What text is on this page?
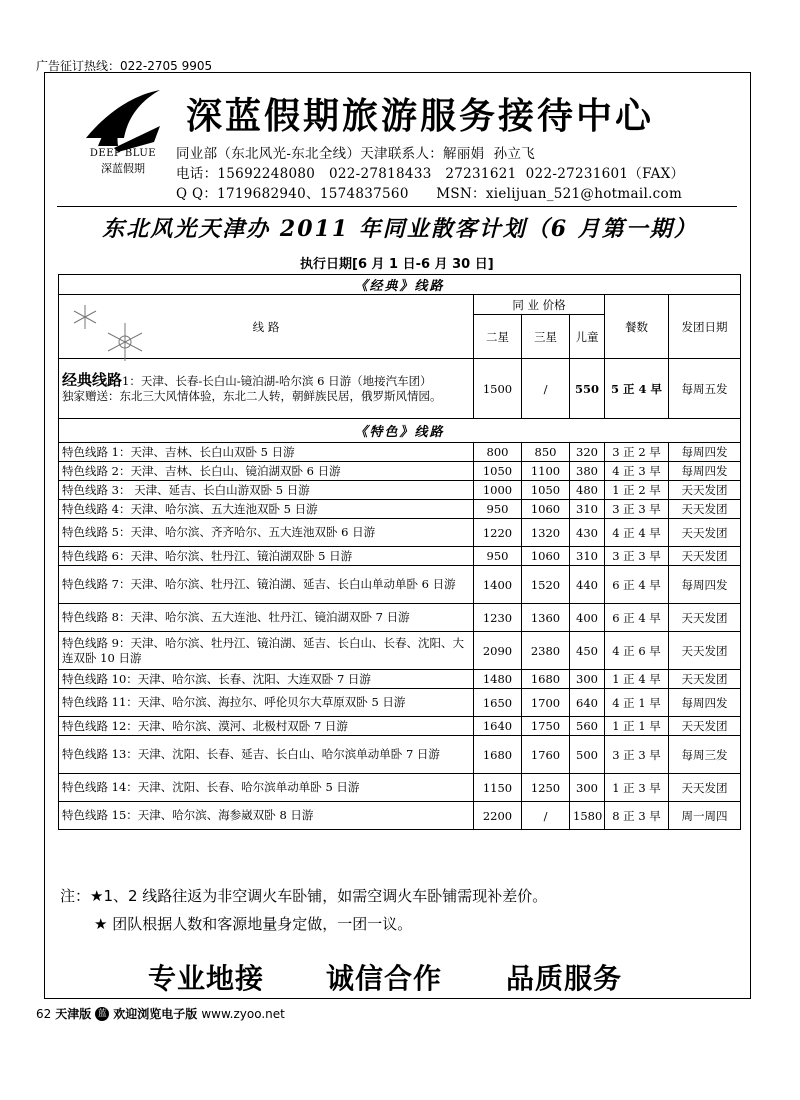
广告征订热线：022-2705 9905
DEEP BLUE
深蓝假期
深蓝假期旅游服务接待中心
同业部（东北风光-东北全线）天津联系人：解丽娟  孙立飞
电话：15692248080   022-27818433   27231621  022-27231601（FAX）
Q Q：1719682940、1574837560      MSN：xielijuan_521@hotmail.com
东北风光天津办 2011 年同业散客计划（6 月第一期）
执行日期[6 月 1 日-6 月 30 日]
《经典》线路					

线 路	同 业 价格			餐数	发团日期
	二星	三星	儿童		
经典线路1：天津、长春-长白山-镜泊湖-哈尔滨 6 日游（地接汽车团）
独家赠送：东北三大风情体验，东北二人转，朝鲜族民居，俄罗斯风情园。	1500	/	550	5 正 4 早	每周五发
《特色》线路					
特色线路 1：天津、吉林、长白山双卧 5 日游	800	850	320	3 正 2 早	每周四发
特色线路 2：天津、吉林、长白山、镜泊湖双卧 6 日游	1050	1100	380	4 正 3 早	每周四发
特色线路 3： 天津、延吉、长白山游双卧 5 日游	1000	1050	480	1 正 2 早	天天发团
特色线路 4：天津、哈尔滨、五大连池双卧 5 日游	950	1060	310	3 正 3 早	天天发团
特色线路 5：天津、哈尔滨、齐齐哈尔、五大连池双卧 6 日游	1220	1320	430	4 正 4 早	天天发团
特色线路 6：天津、哈尔滨、牡丹江、镜泊湖双卧 5 日游	950	1060	310	3 正 3 早	天天发团
特色线路 7：天津、哈尔滨、牡丹江、镜泊湖、延吉、长白山单动单卧 6 日游	1400	1520	440	6 正 4 早	每周四发
特色线路 8：天津、哈尔滨、五大连池、牡丹江、镜泊湖双卧 7 日游	1230	1360	400	6 正 4 早	天天发团
特色线路 9：天津、哈尔滨、牡丹江、镜泊湖、延吉、长白山、长春、沈阳、大连双卧 10 日游	2090	2380	450	4 正 6 早	天天发团
特色线路 10：天津、哈尔滨、长春、沈阳、大连双卧 7 日游	1480	1680	300	1 正 4 早	天天发团
特色线路 11：天津、哈尔滨、海拉尔、呼伦贝尔大草原双卧 5 日游	1650	1700	640	4 正 1 早	每周四发
特色线路 12：天津、哈尔滨、漠河、北极村双卧 7 日游	1640	1750	560	1 正 1 早	天天发团
特色线路 13：天津、沈阳、长春、延吉、长白山、哈尔滨单动单卧 7 日游	1680	1760	500	3 正 3 早	每周三发
特色线路 14：天津、沈阳、长春、哈尔滨单动单卧 5 日游	1150	1250	300	1 正 3 早	天天发团
特色线路 15：天津、哈尔滨、海参崴双卧 8 日游	2200	/	1580	8 正 3 早	周一周四
注：★1、2 线路往返为非空调火车卧铺，如需空调火车卧铺需现补差价。
★ 团队根据人数和客源地量身定做，一团一议。
专业地接 诚信合作 品质服务
62 天津版 蓝 欢迎浏览电子版 www.zyoo.net
